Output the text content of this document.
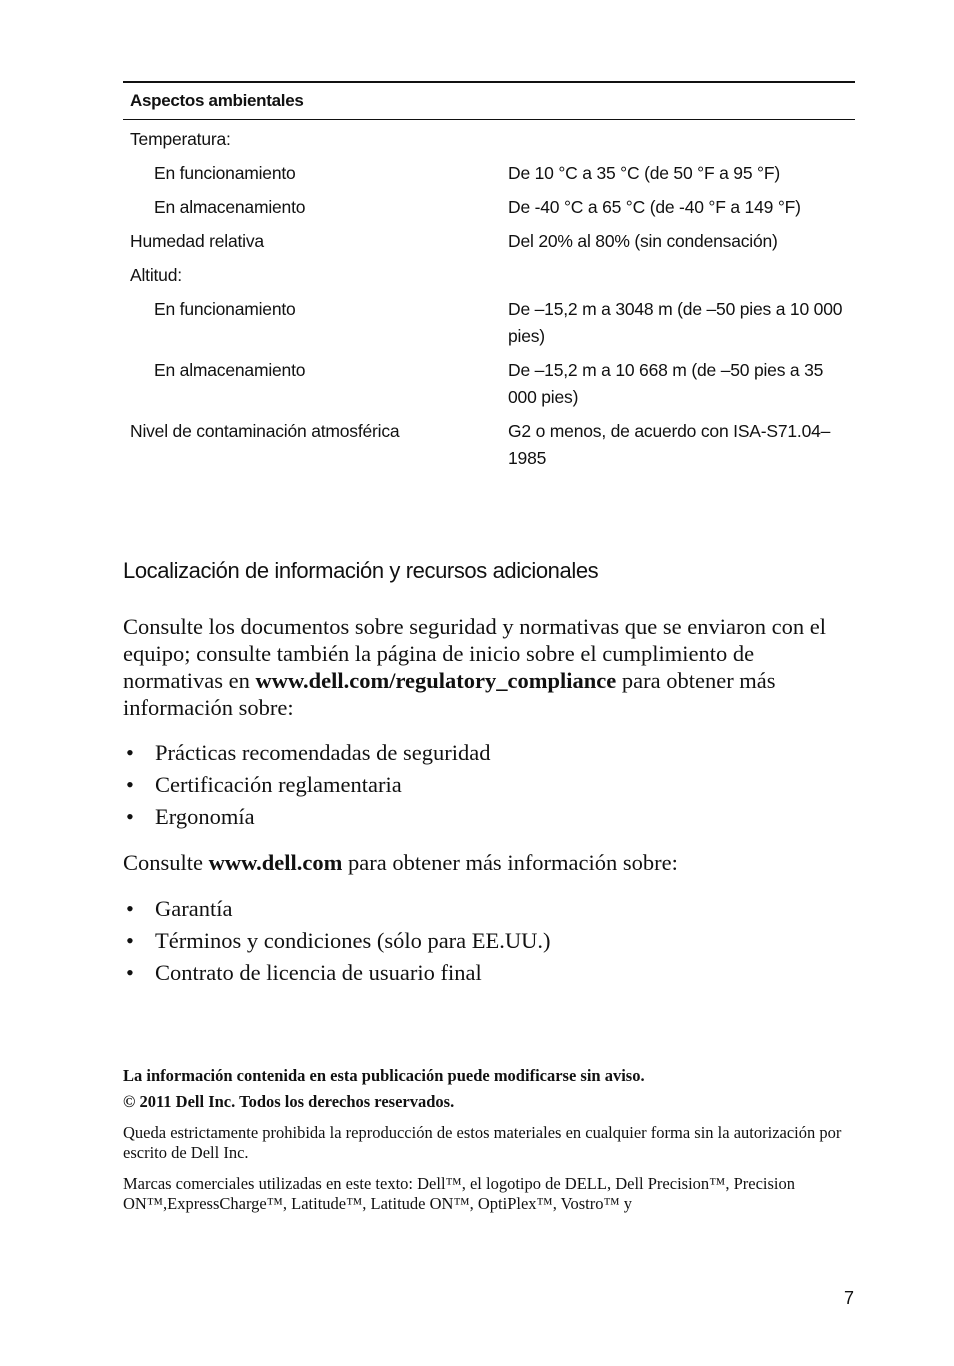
Aspectos ambientales
Temperatura:
En funcionamiento	De 10 °C a 35 °C (de 50 °F a 95 °F)
En almacenamiento	De -40 °C a 65 °C (de -40 °F a 149 °F)
Humedad relativa	Del 20% al 80% (sin condensación)
Altitud:
En funcionamiento	De –15,2 m a 3048 m (de –50 pies a 10 000 pies)
En almacenamiento	De –15,2 m a 10 668 m (de –50 pies a 35 000 pies)
Nivel de contaminación atmosférica	G2 o menos, de acuerdo con ISA-S71.04–1985
Localización de información y recursos adicionales
Consulte los documentos sobre seguridad y normativas que se enviaron con el equipo; consulte también la página de inicio sobre el cumplimiento de normativas en www.dell.com/regulatory_compliance para obtener más información sobre:
• Prácticas recomendadas de seguridad
• Certificación reglamentaria
• Ergonomía
Consulte www.dell.com para obtener más información sobre:
• Garantía
• Términos y condiciones (sólo para EE.UU.)
• Contrato de licencia de usuario final
La información contenida en esta publicación puede modificarse sin aviso.
© 2011 Dell Inc. Todos los derechos reservados.
Queda estrictamente prohibida la reproducción de estos materiales en cualquier forma sin la autorización por escrito de Dell Inc.
Marcas comerciales utilizadas en este texto: Dell™, el logotipo de DELL, Dell Precision™, Precision ON™,ExpressCharge™, Latitude™, Latitude ON™, OptiPlex™, Vostro™ y
7
